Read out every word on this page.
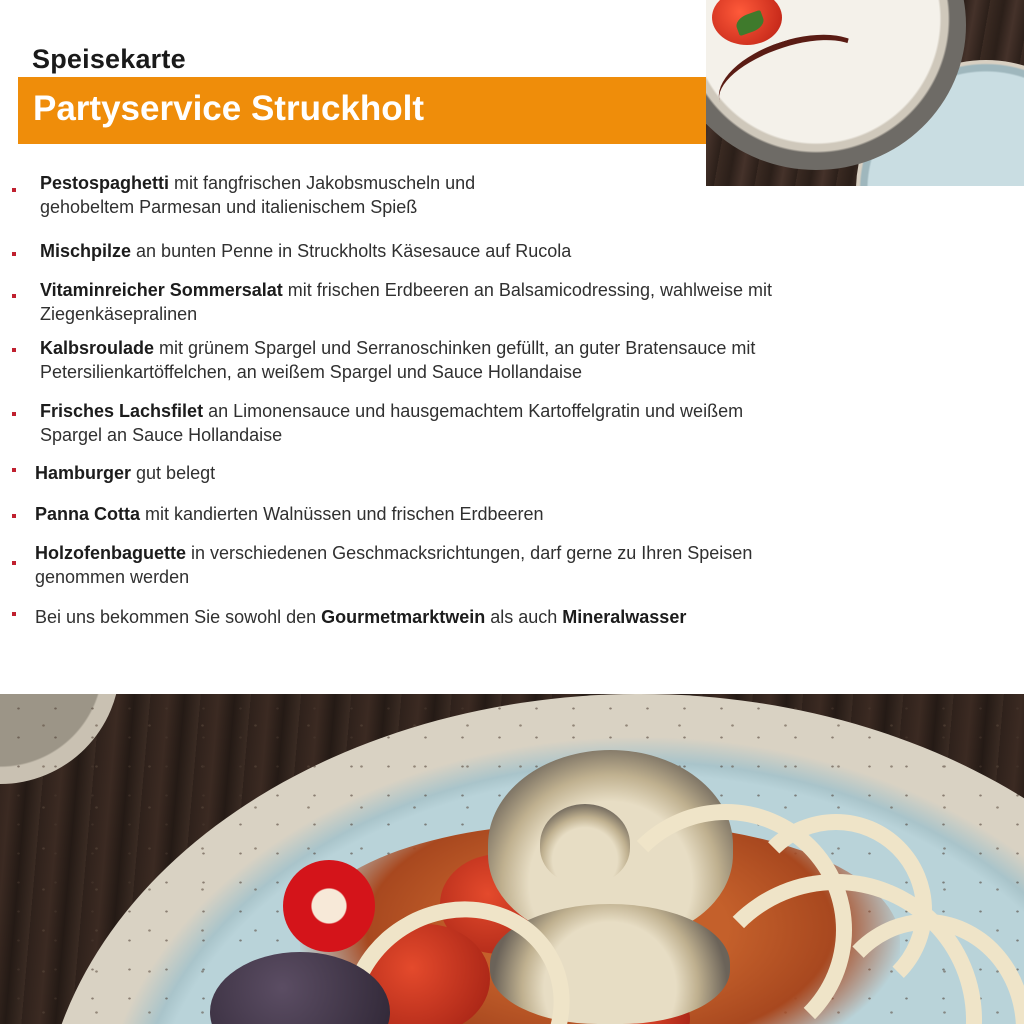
Speisekarte

Partyservice Struckholt

Pestospaghetti mit fangfrischen Jakobsmuscheln und
gehobeltem Parmesan und italienischem Spieß

Mischpilze an bunten Penne in Struckholts Käsesauce auf Rucola

Vitaminreicher Sommersalat mit frischen Erdbeeren an Balsamicodressing, wahlweise mit
Ziegenkäsepralinen

Kalbsroulade mit grünem Spargel und Serranoschinken gefüllt, an guter Bratensauce mit
Petersilienkartöffelchen, an weißem Spargel und Sauce Hollandaise

Frisches Lachsfilet an Limonensauce und hausgemachtem Kartoffelgratin und weißem
Spargel an Sauce Hollandaise

Hamburger gut belegt

Panna Cotta mit kandierten Walnüssen und frischen Erdbeeren

Holzofenbaguette in verschiedenen Geschmacksrichtungen, darf gerne zu Ihren Speisen
genommen werden

Bei uns bekommen Sie sowohl den Gourmetmarktwein als auch Mineralwasser
